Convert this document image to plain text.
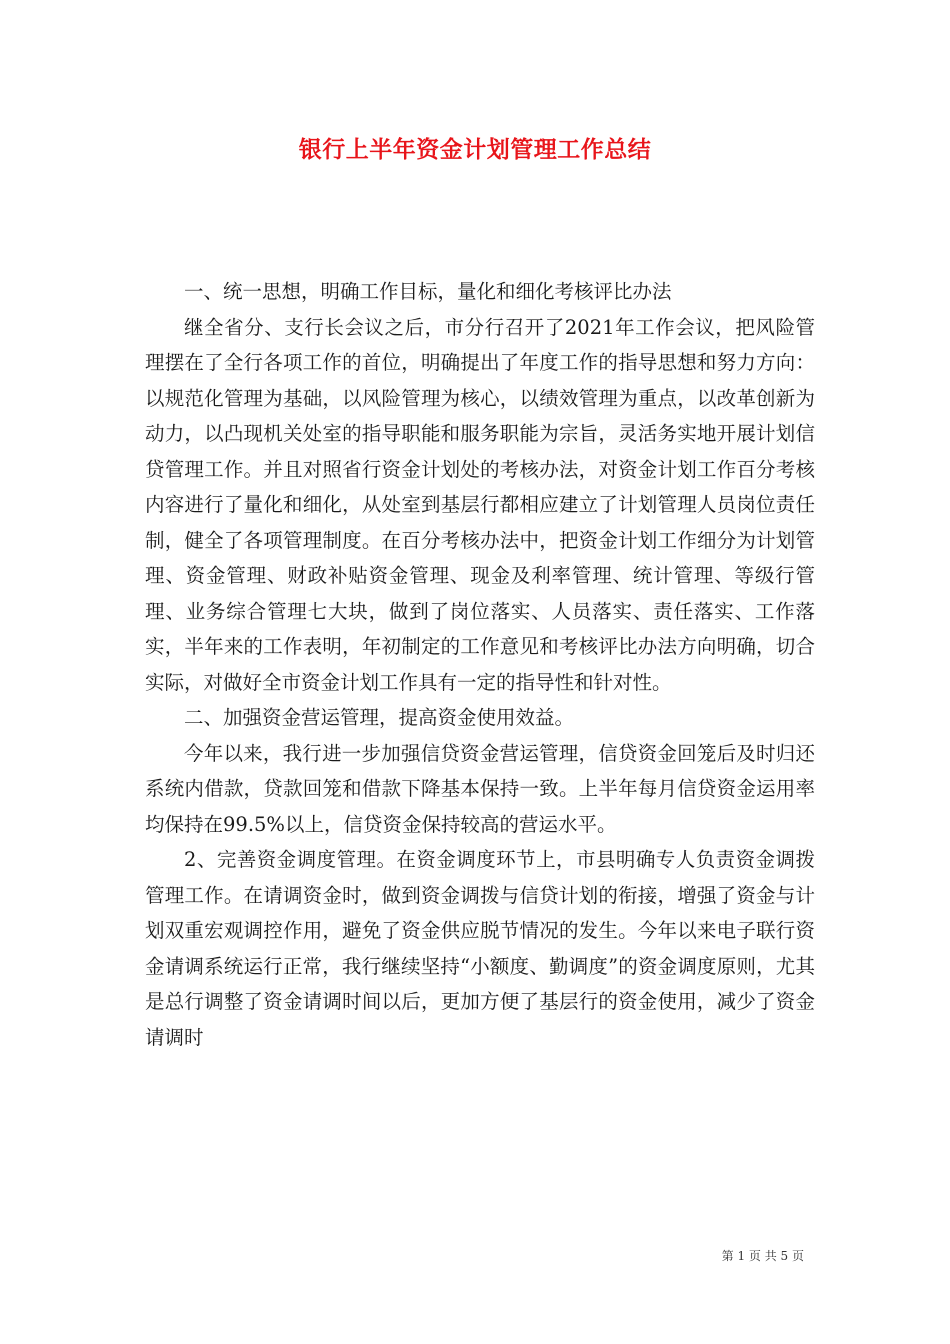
银行上半年资金计划管理工作总结

一、统一思想，明确工作目标，量化和细化考核评比办法

继全省分、支行长会议之后，市分行召开了2021年工作会议，把风险管理摆在了全行各项工作的首位，明确提出了年度工作的指导思想和努力方向：以规范化管理为基础，以风险管理为核心，以绩效管理为重点，以改革创新为动力，以凸现机关处室的指导职能和服务职能为宗旨，灵活务实地开展计划信贷管理工作。并且对照省行资金计划处的考核办法，对资金计划工作百分考核内容进行了量化和细化，从处室到基层行都相应建立了计划管理人员岗位责任制，健全了各项管理制度。在百分考核办法中，把资金计划工作细分为计划管理、资金管理、财政补贴资金管理、现金及利率管理、统计管理、等级行管理、业务综合管理七大块，做到了岗位落实、人员落实、责任落实、工作落实，半年来的工作表明，年初制定的工作意见和考核评比办法方向明确，切合实际，对做好全市资金计划工作具有一定的指导性和针对性。

二、加强资金营运管理，提高资金使用效益。

今年以来，我行进一步加强信贷资金营运管理，信贷资金回笼后及时归还系统内借款，贷款回笼和借款下降基本保持一致。上半年每月信贷资金运用率均保持在99.5%以上，信贷资金保持较高的营运水平。

2、完善资金调度管理。在资金调度环节上，市县明确专人负责资金调拨管理工作。在请调资金时，做到资金调拨与信贷计划的衔接，增强了资金与计划双重宏观调控作用，避免了资金供应脱节情况的发生。今年以来电子联行资金请调系统运行正常，我行继续坚持“小额度、勤调度”的资金调度原则，尤其是总行调整了资金请调时间以后，更加方便了基层行的资金使用，减少了资金请调时

第 1 页 共 5 页
